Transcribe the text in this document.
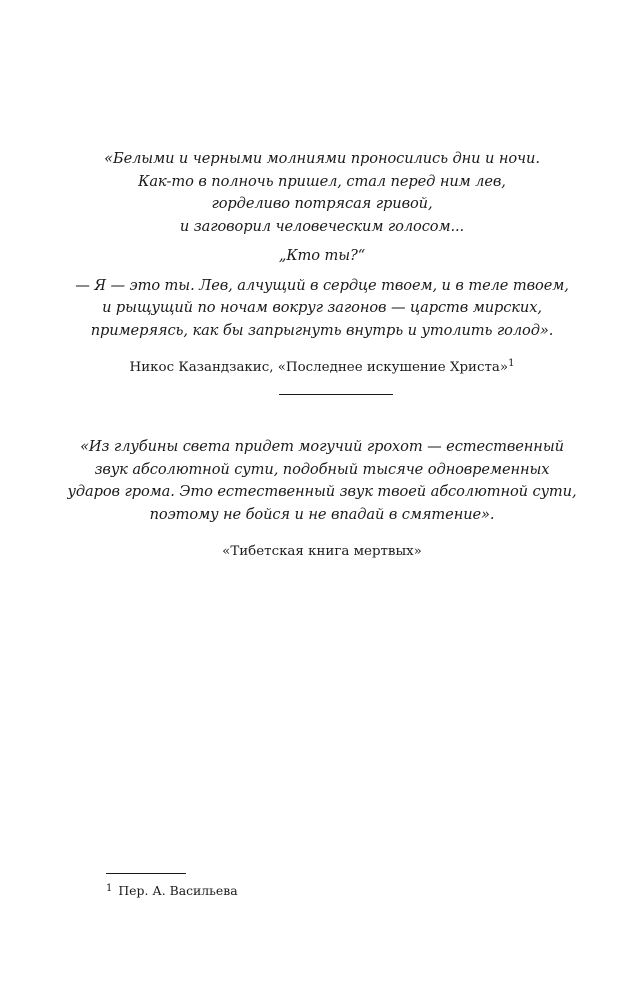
«Белыми и черными молниями проносились дни и ночи.
Как-то в полночь пришел, стал перед ним лев,
горделиво потрясая гривой,
и заговорил человеческим голосом...
„Кто ты?“
— Я — это ты. Лев, алчущий в сердце твоем, и в теле твоем,
и рыщущий по ночам вокруг загонов — царств мирских,
примеряясь, как бы запрыгнуть внутрь и утолить голод».
Никос Казандзакис, «Последнее искушение Христа»$^1$
«Из глубины света придет могучий грохот — естественный
звук абсолютной сути, подобный тысяче одновременных
ударов грома. Это естественный звук твоей абсолютной сути,
поэтому не бойся и не впадай в смятение».
«Тибетская книга мертвых»
$^1$ Пер. А. Васильева
